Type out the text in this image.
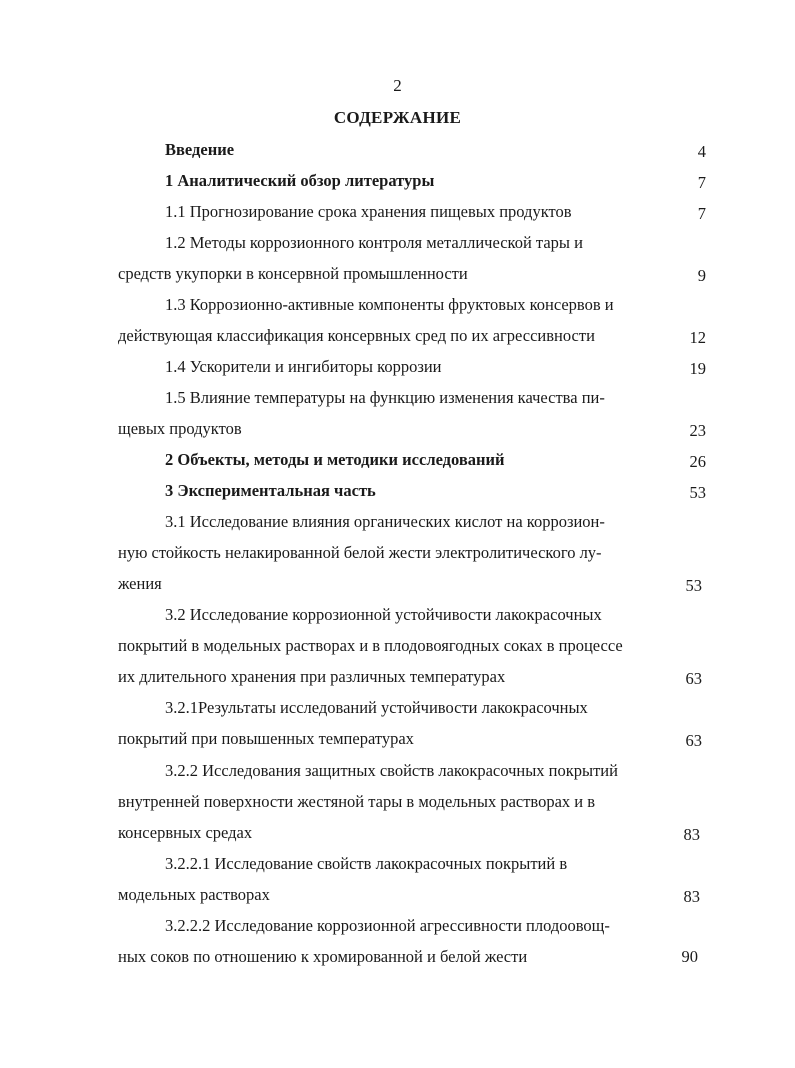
2
СОДЕРЖАНИЕ
Введение	4
1 Аналитический обзор литературы	7
1.1 Прогнозирование срока хранения пищевых продуктов	7
1.2 Методы коррозионного контроля металлической тары и
средств укупорки в консервной промышленности	9
1.3 Коррозионно-активные компоненты фруктовых консервов и
действующая классификация консервных сред по их агрессивности	12
1.4 Ускорители и ингибиторы коррозии	19
1.5 Влияние температуры на функцию изменения качества пи-
щевых продуктов	23
2 Объекты, методы и методики исследований	26
3 Экспериментальная часть	53
3.1 Исследование влияния органических кислот на коррозион-
ную стойкость нелакированной белой жести электролитического лу-
жения	53
3.2 Исследование коррозионной устойчивости лакокрасочных
покрытий в модельных растворах и в плодовоягодных соках в процессе
их длительного хранения при различных температурах	63
3.2.1Результаты исследований устойчивости лакокрасочных
покрытий при повышенных температурах	63
3.2.2 Исследования защитных свойств лакокрасочных покрытий
внутренней поверхности жестяной тары в модельных растворах и в
консервных средах	83
3.2.2.1 Исследование свойств лакокрасочных покрытий в
модельных растворах	83
3.2.2.2 Исследование коррозионной агрессивности плодоовощ-
ных соков по отношению к хромированной и белой жести	90
